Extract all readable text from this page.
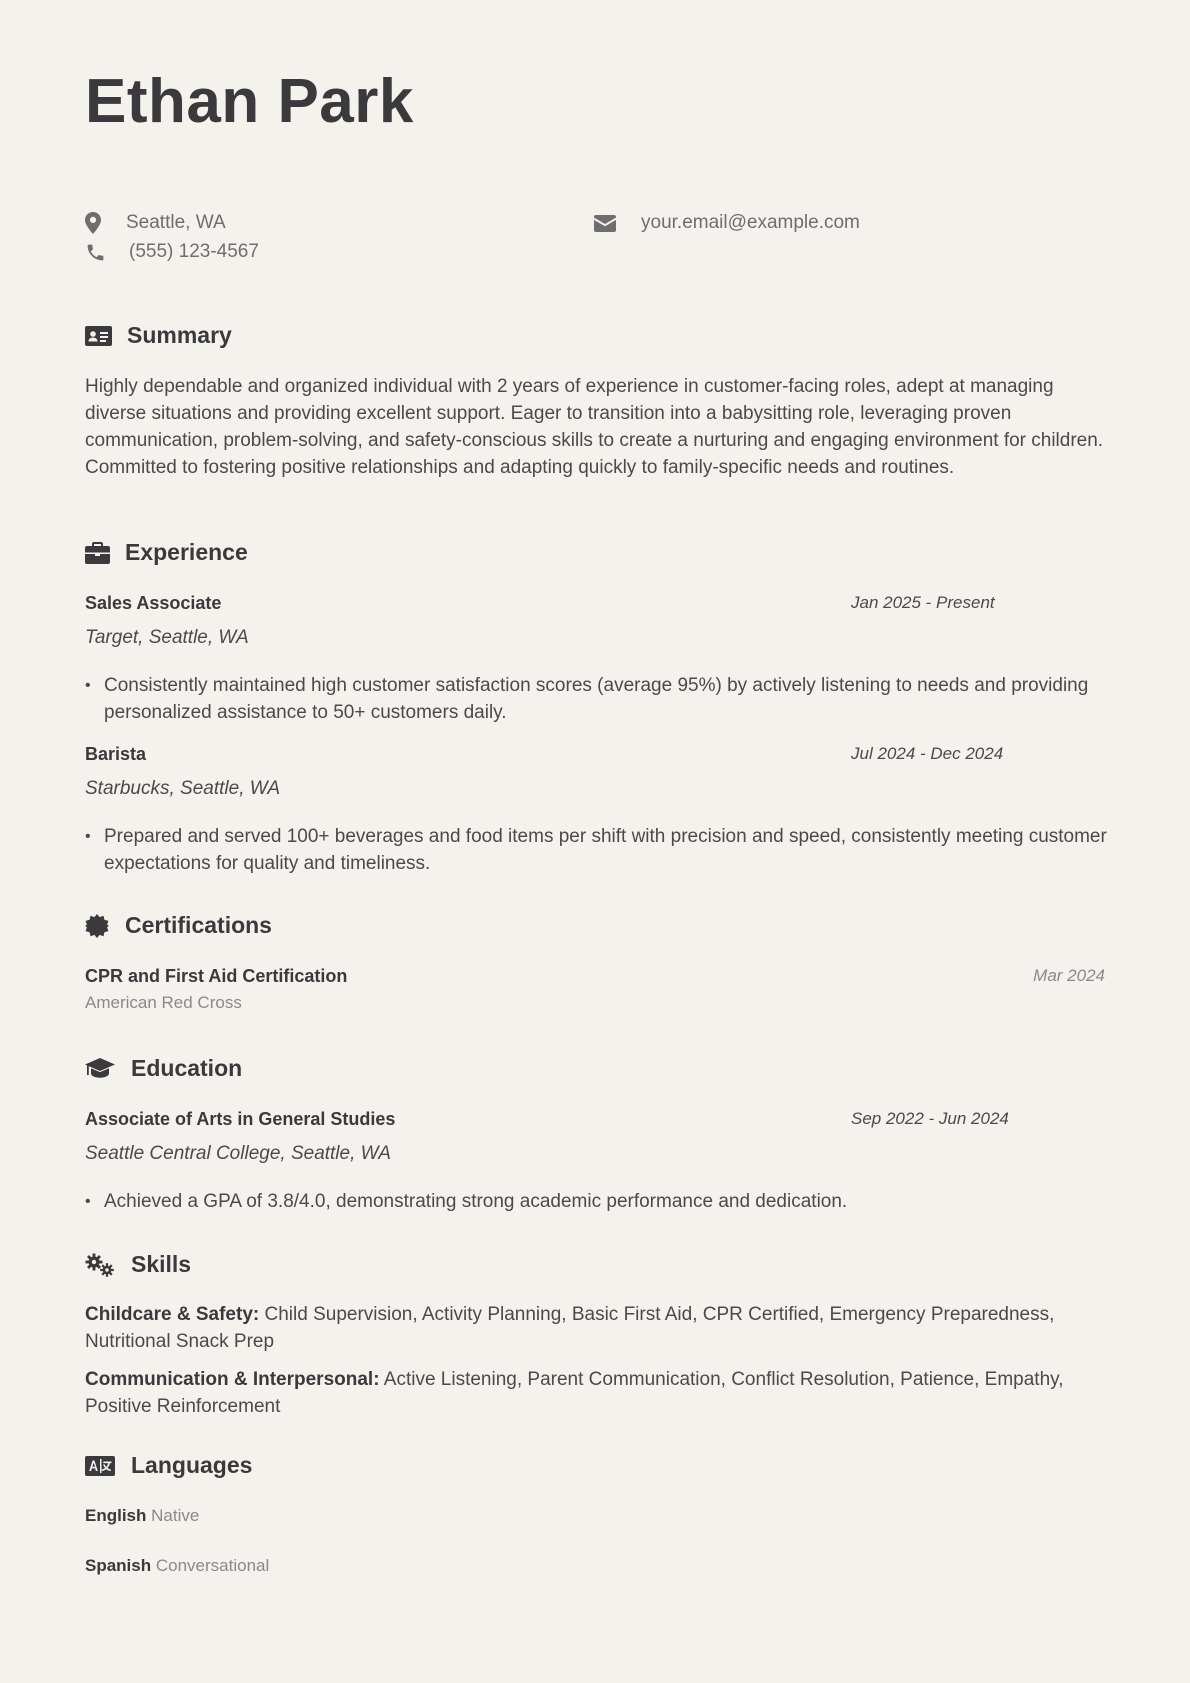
Ethan Park
Seattle, WA
(555) 123-4567
your.email@example.com
Summary

Highly dependable and organized individual with 2 years of experience in customer-facing roles, adept at managing diverse situations and providing excellent support. Eager to transition into a babysitting role, leveraging proven communication, problem-solving, and safety-conscious skills to create a nurturing and engaging environment for children. Committed to fostering positive relationships and adapting quickly to family-specific needs and routines.

Experience
Sales Associate	Jan 2025 - Present
Target, Seattle, WA

• Consistently maintained high customer satisfaction scores (average 95%) by actively listening to needs and providing personalized assistance to 50+ customers daily.

Barista	Jul 2024 - Dec 2024
Starbucks, Seattle, WA

• Prepared and served 100+ beverages and food items per shift with precision and speed, consistently meeting customer expectations for quality and timeliness.

Certifications
CPR and First Aid Certification	Mar 2024
American Red Cross
Education
Associate of Arts in General Studies	Sep 2022 - Jun 2024
Seattle Central College, Seattle, WA

• Achieved a GPA of 3.8/4.0, demonstrating strong academic performance and dedication.

Skills

Childcare & Safety: Child Supervision, Activity Planning, Basic First Aid, CPR Certified, Emergency Preparedness, Nutritional Snack Prep

Communication & Interpersonal: Active Listening, Parent Communication, Conflict Resolution, Patience, Empathy, Positive Reinforcement

Languages
English Native
Spanish Conversational
